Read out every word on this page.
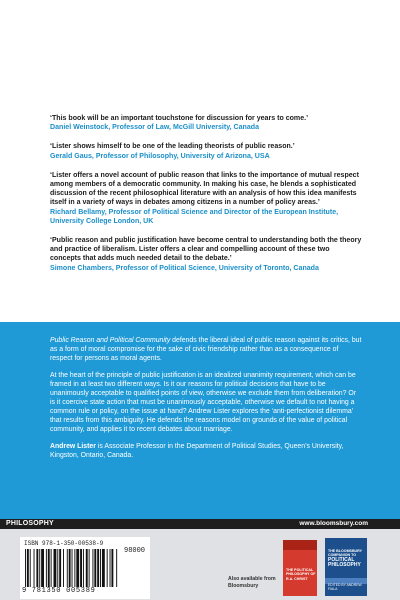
‘This book will be an important touchstone for discussion for years to come.’
Daniel Weinstock, Professor of Law, McGill University, Canada
‘Lister shows himself to be one of the leading theorists of public reason.’
Gerald Gaus, Professor of Philosophy, University of Arizona, USA
‘Lister offers a novel account of public reason that links to the importance of mutual respect among members of a democratic community. In making his case, he blends a sophisticated discussion of the recent philosophical literature with an analysis of how this idea manifests itself in a variety of ways in debates among citizens in a number of policy areas.’
Richard Bellamy, Professor of Political Science and Director of the European Institute, University College London, UK
‘Public reason and public justification have become central to understanding both the theory and practice of liberalism. Lister offers a clear and compelling account of these two concepts that adds much needed detail to the debate.’
Simone Chambers, Professor of Political Science, University of Toronto, Canada

Public Reason and Political Community defends the liberal ideal of public reason against its critics, but as a form of moral compromise for the sake of civic friendship rather than as a consequence of respect for persons as moral agents.

At the heart of the principle of public justification is an idealized unanimity requirement, which can be framed in at least two different ways. Is it our reasons for political decisions that have to be unanimously acceptable to qualified points of view, otherwise we exclude them from deliberation? Or is it coercive state action that must be unanimously acceptable, otherwise we default to not having a common rule or policy, on the issue at hand? Andrew Lister explores the ‘anti-perfectionist dilemma’ that results from this ambiguity. He defends the reasons model on grounds of the value of political community, and applies it to recent debates about marriage.

Andrew Lister is Associate Professor in the Department of Political Studies, Queen’s University, Kingston, Ontario, Canada.

PHILOSOPHY	www.bloomsbury.com
ISBN 978-1-350-00538-9
98000
9 781350 005389
Also available from Bloomsbury
THE POLITICAL PHILOSOPHY OF R.A. CHRIST
THE BLOOMSBURY COMPANION TO
POLITICAL PHILOSOPHY
EDITED BY ANDREW FIALA
